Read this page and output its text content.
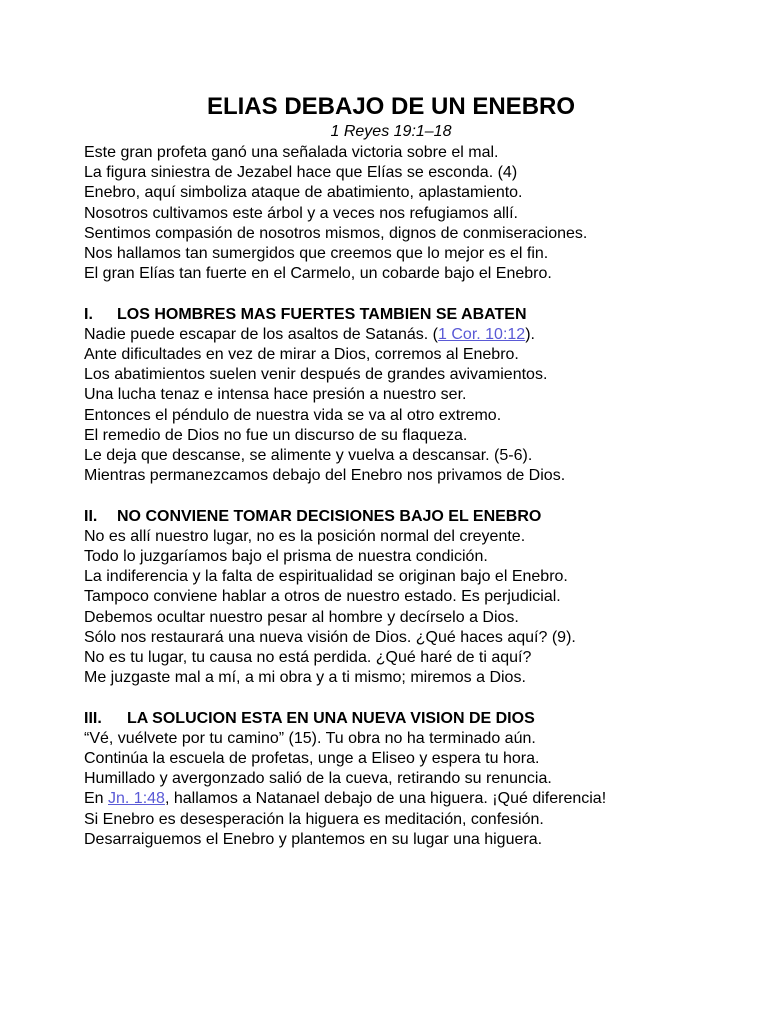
ELIAS DEBAJO DE UN ENEBRO
1 Reyes 19:1–18
Este gran profeta ganó una señalada victoria sobre el mal.
La figura siniestra de Jezabel hace que Elías se esconda. (4)
Enebro, aquí simboliza ataque de abatimiento, aplastamiento.
Nosotros cultivamos este árbol y a veces nos refugiamos allí.
Sentimos compasión de nosotros mismos, dignos de conmiseraciones.
Nos hallamos tan sumergidos que creemos que lo mejor es el fin.
El gran Elías tan fuerte en el Carmelo, un cobarde bajo el Enebro.
I. LOS HOMBRES MAS FUERTES TAMBIEN SE ABATEN
Nadie puede escapar de los asaltos de Satanás. (1 Cor. 10:12).
Ante dificultades en vez de mirar a Dios, corremos al Enebro.
Los abatimientos suelen venir después de grandes avivamientos.
Una lucha tenaz e intensa hace presión a nuestro ser.
Entonces el péndulo de nuestra vida se va al otro extremo.
El remedio de Dios no fue un discurso de su flaqueza.
Le deja que descanse, se alimente y vuelva a descansar. (5-6).
Mientras permanezcamos debajo del Enebro nos privamos de Dios.
II. NO CONVIENE TOMAR DECISIONES BAJO EL ENEBRO
No es allí nuestro lugar, no es la posición normal del creyente.
Todo lo juzgaríamos bajo el prisma de nuestra condición.
La indiferencia y la falta de espiritualidad se originan bajo el Enebro.
Tampoco conviene hablar a otros de nuestro estado. Es perjudicial.
Debemos ocultar nuestro pesar al hombre y decírselo a Dios.
Sólo nos restaurará una nueva visión de Dios. ¿Qué haces aquí? (9).
No es tu lugar, tu causa no está perdida. ¿Qué haré de ti aquí?
Me juzgaste mal a mí, a mi obra y a ti mismo; miremos a Dios.
III. LA SOLUCION ESTA EN UNA NUEVA VISION DE DIOS
“Vé, vuélvete por tu camino” (15). Tu obra no ha terminado aún.
Continúa la escuela de profetas, unge a Eliseo y espera tu hora.
Humillado y avergonzado salió de la cueva, retirando su renuncia.
En Jn. 1:48, hallamos a Natanael debajo de una higuera. ¡Qué diferencia!
Si Enebro es desesperación la higuera es meditación, confesión.
Desarraiguemos el Enebro y plantemos en su lugar una higuera.
